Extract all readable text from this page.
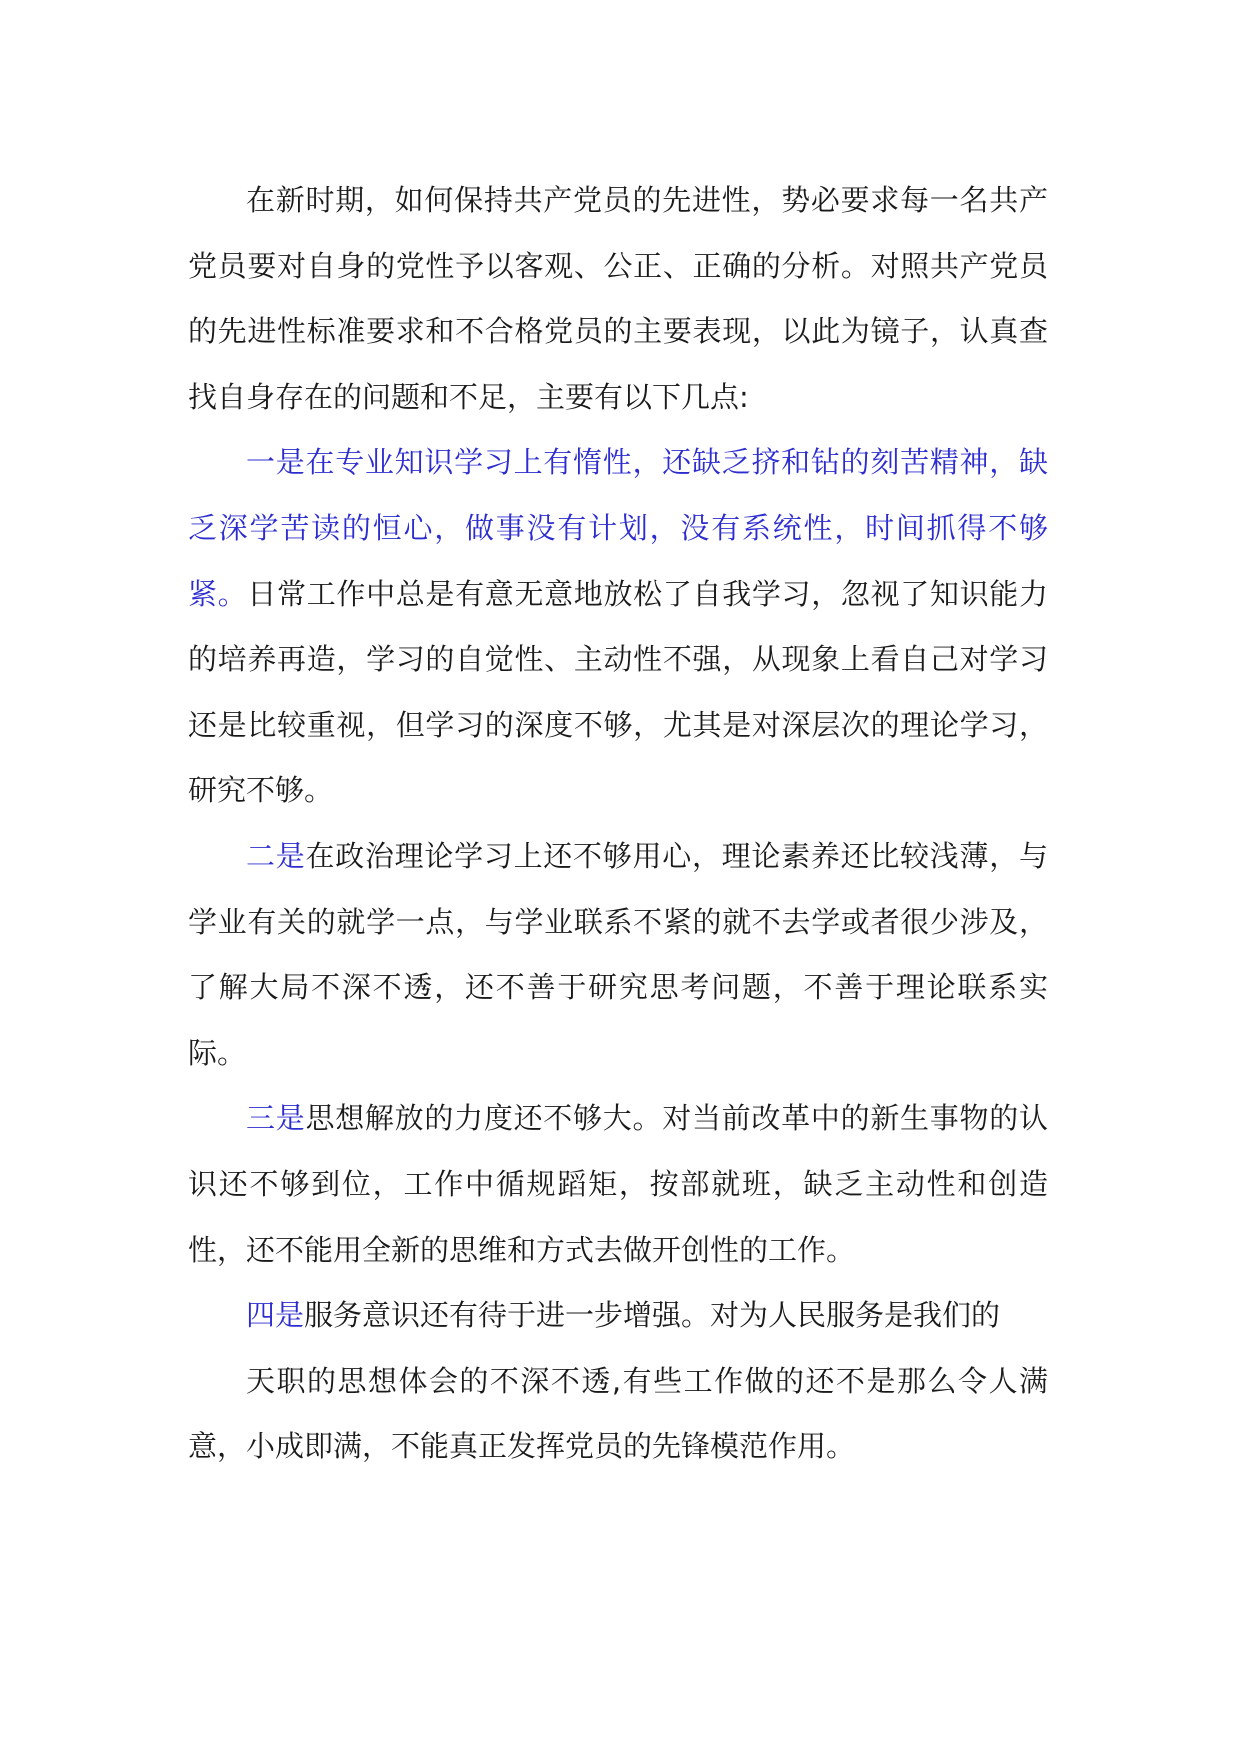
在新时期，如何保持共产党员的先进性，势必要求每一名共产党员要对自身的党性予以客观、公正、正确的分析。对照共产党员的先进性标准要求和不合格党员的主要表现，以此为镜子，认真查找自身存在的问题和不足，主要有以下几点:

一是在专业知识学习上有惰性，还缺乏挤和钻的刻苦精神，缺乏深学苦读的恒心，做事没有计划，没有系统性，时间抓得不够紧。日常工作中总是有意无意地放松了自我学习，忽视了知识能力的培养再造，学习的自觉性、主动性不强，从现象上看自己对学习还是比较重视，但学习的深度不够，尤其是对深层次的理论学习，研究不够。

二是在政治理论学习上还不够用心，理论素养还比较浅薄，与学业有关的就学一点，与学业联系不紧的就不去学或者很少涉及，了解大局不深不透，还不善于研究思考问题，不善于理论联系实际。

三是思想解放的力度还不够大。对当前改革中的新生事物的认识还不够到位，工作中循规蹈矩，按部就班，缺乏主动性和创造性，还不能用全新的思维和方式去做开创性的工作。

四是服务意识还有待于进一步增强。对为人民服务是我们的

天职的思想体会的不深不透,有些工作做的还不是那么令人满意，小成即满，不能真正发挥党员的先锋模范作用。
